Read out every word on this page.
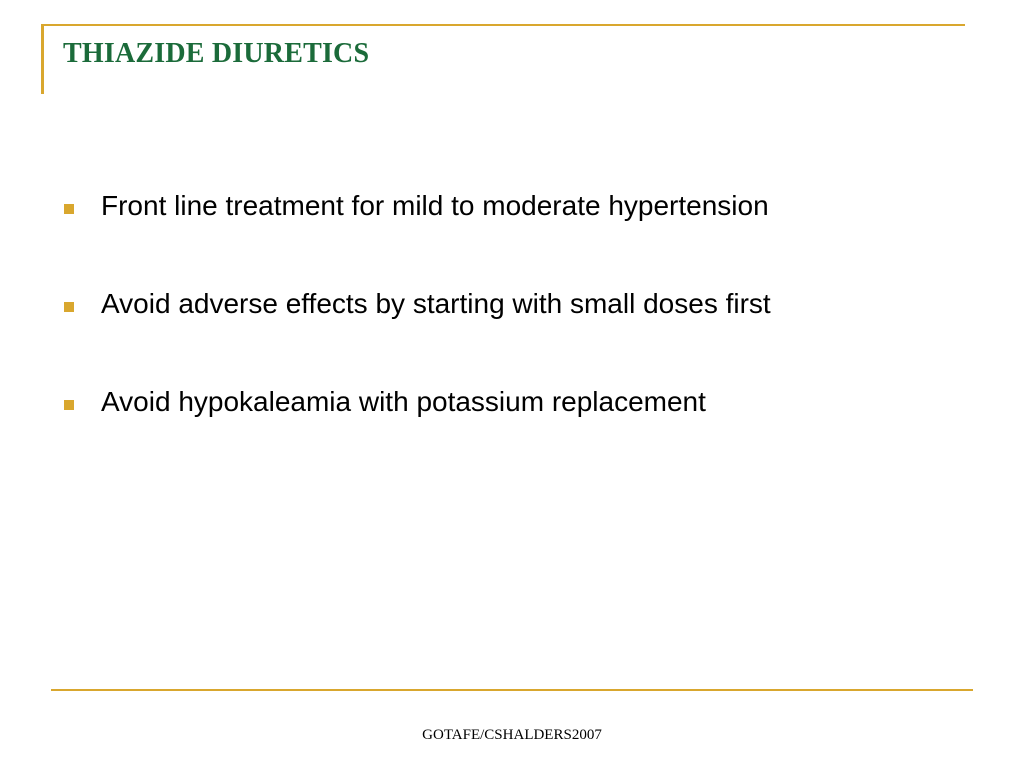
THIAZIDE DIURETICS
Front line treatment for mild to moderate hypertension
Avoid adverse effects by starting with small doses first
Avoid hypokaleamia with potassium replacement
GOTAFE/CSHALDERS2007
